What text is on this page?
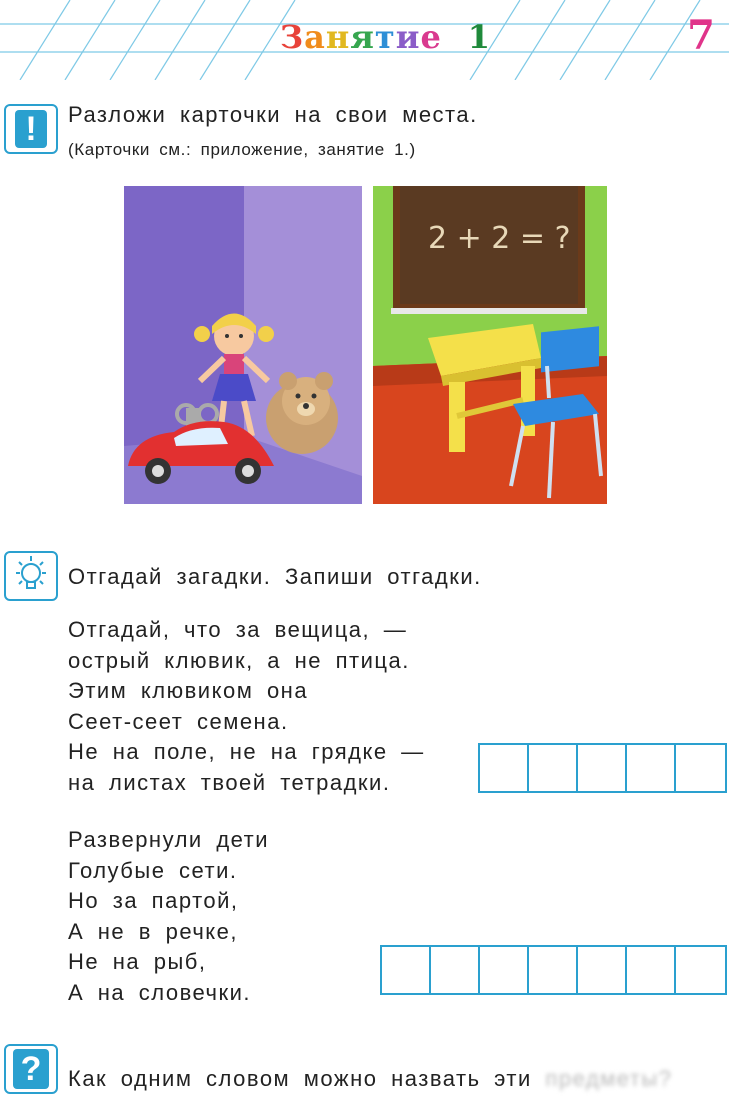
Занятие 1	7
!	Разложи карточки на свои места.
(Карточки см.: приложение, занятие 1.)
2 + 2 = ?
Отгадай загадки. Запиши отгадки.
Отгадай, что за вещица, —
острый клювик, а не птица.
Этим клювиком она
Сеет-сеет семена.
Не на поле, не на грядке —
на листах твоей тетрадки.
Развернули дети
Голубые сети.
Но за партой,
А не в речке,
Не на рыб,
А на словечки.
?	Как одним словом можно назвать эти предметы?
